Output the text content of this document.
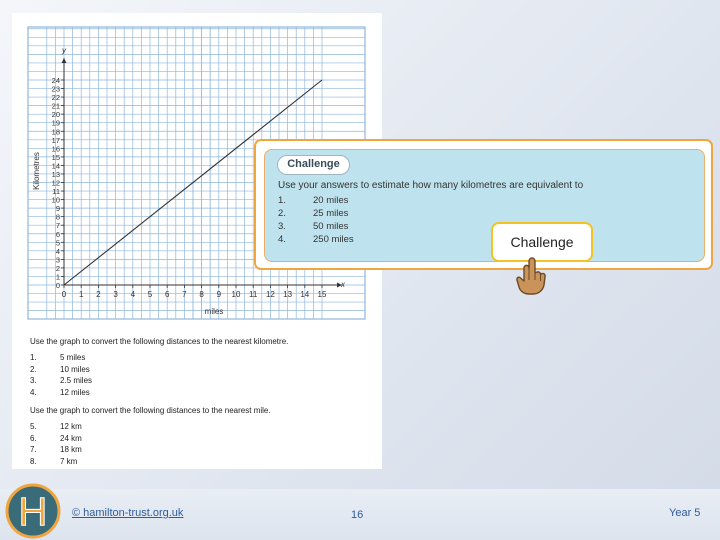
0 1 2 3 4 5 6 7 8 9 10 11 12 13 14 15
0
1
2
3
4
5
6
7
8
9
10
11
12
13
14
15
16
17
18
19
20
21
22
23
24
y
x
Kilometres
miles
Use the graph to convert the following distances to the nearest kilometre.
1.	5 miles
2.	10 miles
3.	2.5 miles
4.	12 miles
Use the graph to convert the following distances to the nearest mile.
5.	12 km
6.	24 km
7.	18 km
8.	7 km
Challenge
Use your answers to estimate how many kilometres are equivalent to
1.	20 miles
2.	25 miles
3.	50 miles
4.	250 miles	Challenge
H © hamilton-trust.org.uk	16	Year 5
